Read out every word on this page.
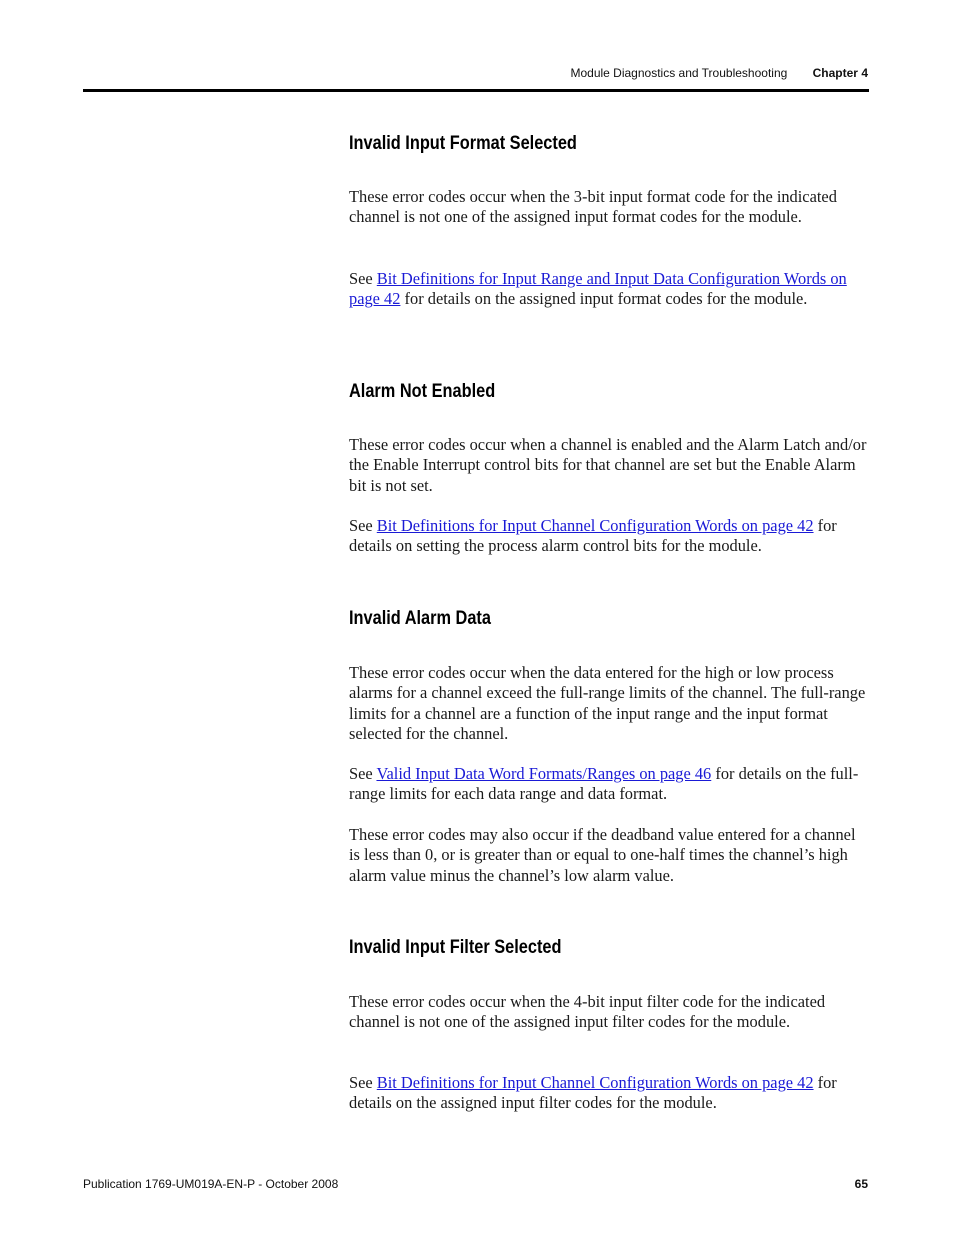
Module Diagnostics and Troubleshooting Chapter 4
Invalid Input Format Selected

These error codes occur when the 3-bit input format code for the indicated channel is not one of the assigned input format codes for the module.

See Bit Definitions for Input Range and Input Data Configuration Words on page 42 for details on the assigned input format codes for the module.

Alarm Not Enabled

These error codes occur when a channel is enabled and the Alarm Latch and/or the Enable Interrupt control bits for that channel are set but the Enable Alarm bit is not set.

See Bit Definitions for Input Channel Configuration Words on page 42 for details on setting the process alarm control bits for the module.

Invalid Alarm Data

These error codes occur when the data entered for the high or low process alarms for a channel exceed the full-range limits of the channel. The full-range limits for a channel are a function of the input range and the input format selected for the channel.

See Valid Input Data Word Formats/Ranges on page 46 for details on the full-range limits for each data range and data format.

These error codes may also occur if the deadband value entered for a channel is less than 0, or is greater than or equal to one-half times the channel’s high alarm value minus the channel’s low alarm value.

Invalid Input Filter Selected

These error codes occur when the 4-bit input filter code for the indicated channel is not one of the assigned input filter codes for the module.

See Bit Definitions for Input Channel Configuration Words on page 42 for details on the assigned input filter codes for the module.

Publication 1769-UM019A-EN-P - October 2008	65
